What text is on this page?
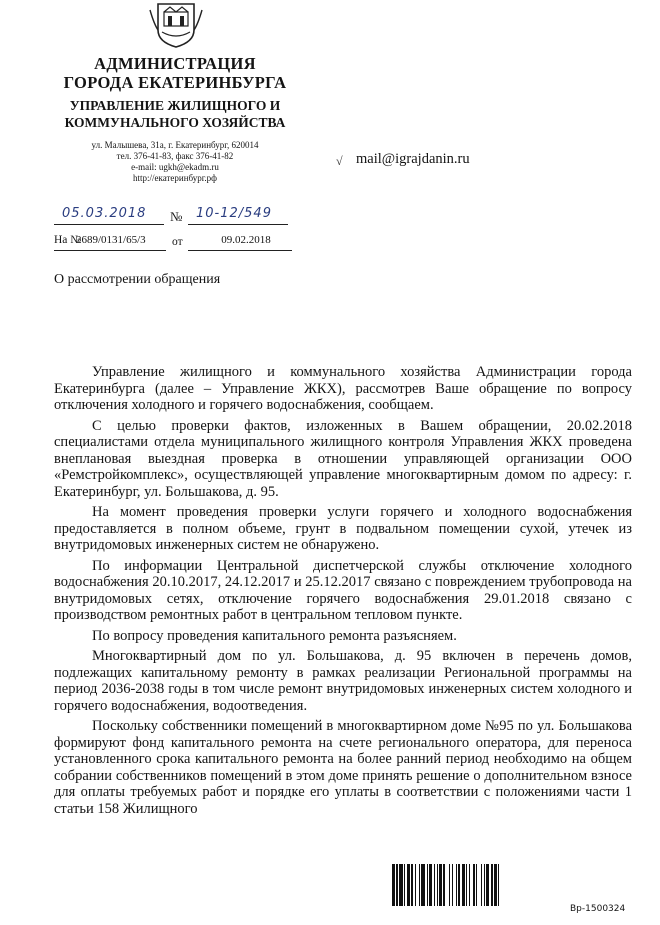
АДМИНИСТРАЦИЯ
ГОРОДА ЕКАТЕРИНБУРГА
УПРАВЛЕНИЕ ЖИЛИЩНОГО И
КОММУНАЛЬНОГО ХОЗЯЙСТВА
ул. Малышева, 31а, г. Екатеринбург, 620014
тел. 376-41-83, факс 376-41-82
e-mail: ugkh@ekadm.ru
http://екатеринбург.рф
√ mail@igrajdanin.ru
05.03.2018	№ 10-12/549
На №
2689/0131/65/3 от	09.02.2018
О рассмотрении обращения

Управление жилищного и коммунального хозяйства Администрации города Екатеринбурга (далее – Управление ЖКХ), рассмотрев Ваше обращение по вопросу отключения холодного и горячего водоснабжения, сообщаем.

С целью проверки фактов, изложенных в Вашем обращении, 20.02.2018 специалистами отдела муниципального жилищного контроля Управления ЖКХ проведена внеплановая выездная проверка в отношении управляющей организации ООО «Ремстройкомплекс», осуществляющей управление многоквартирным домом по адресу: г. Екатеринбург, ул. Большакова, д. 95.

На момент проведения проверки услуги горячего и холодного водоснабжения предоставляется в полном объеме, грунт в подвальном помещении сухой, утечек из внутридомовых инженерных систем не обнаружено.

По информации Центральной диспетчерской службы отключение холодного водоснабжения 20.10.2017, 24.12.2017 и 25.12.2017 связано с повреждением трубопровода на внутридомовых сетях, отключение горячего водоснабжения 29.01.2018 связано с производством ремонтных работ в центральном тепловом пункте.

По вопросу проведения капитального ремонта разъясняем.

Многоквартирный дом по ул. Большакова, д. 95 включен в перечень домов, подлежащих капитальному ремонту в рамках реализации Региональной программы на период 2036-2038 годы в том числе ремонт внутридомовых инженерных систем холодного и горячего водоснабжения, водоотведения.

Поскольку собственники помещений в многоквартирном доме №95 по ул. Большакова формируют фонд капитального ремонта на счете регионального оператора, для переноса установленного срока капитального ремонта на более ранний период необходимо на общем собрании собственников помещений в этом доме принять решение о дополнительном взносе для оплаты требуемых работ и порядке его уплаты в соответствии с положениями части 1 статьи 158 Жилищного

Вр-1500324
